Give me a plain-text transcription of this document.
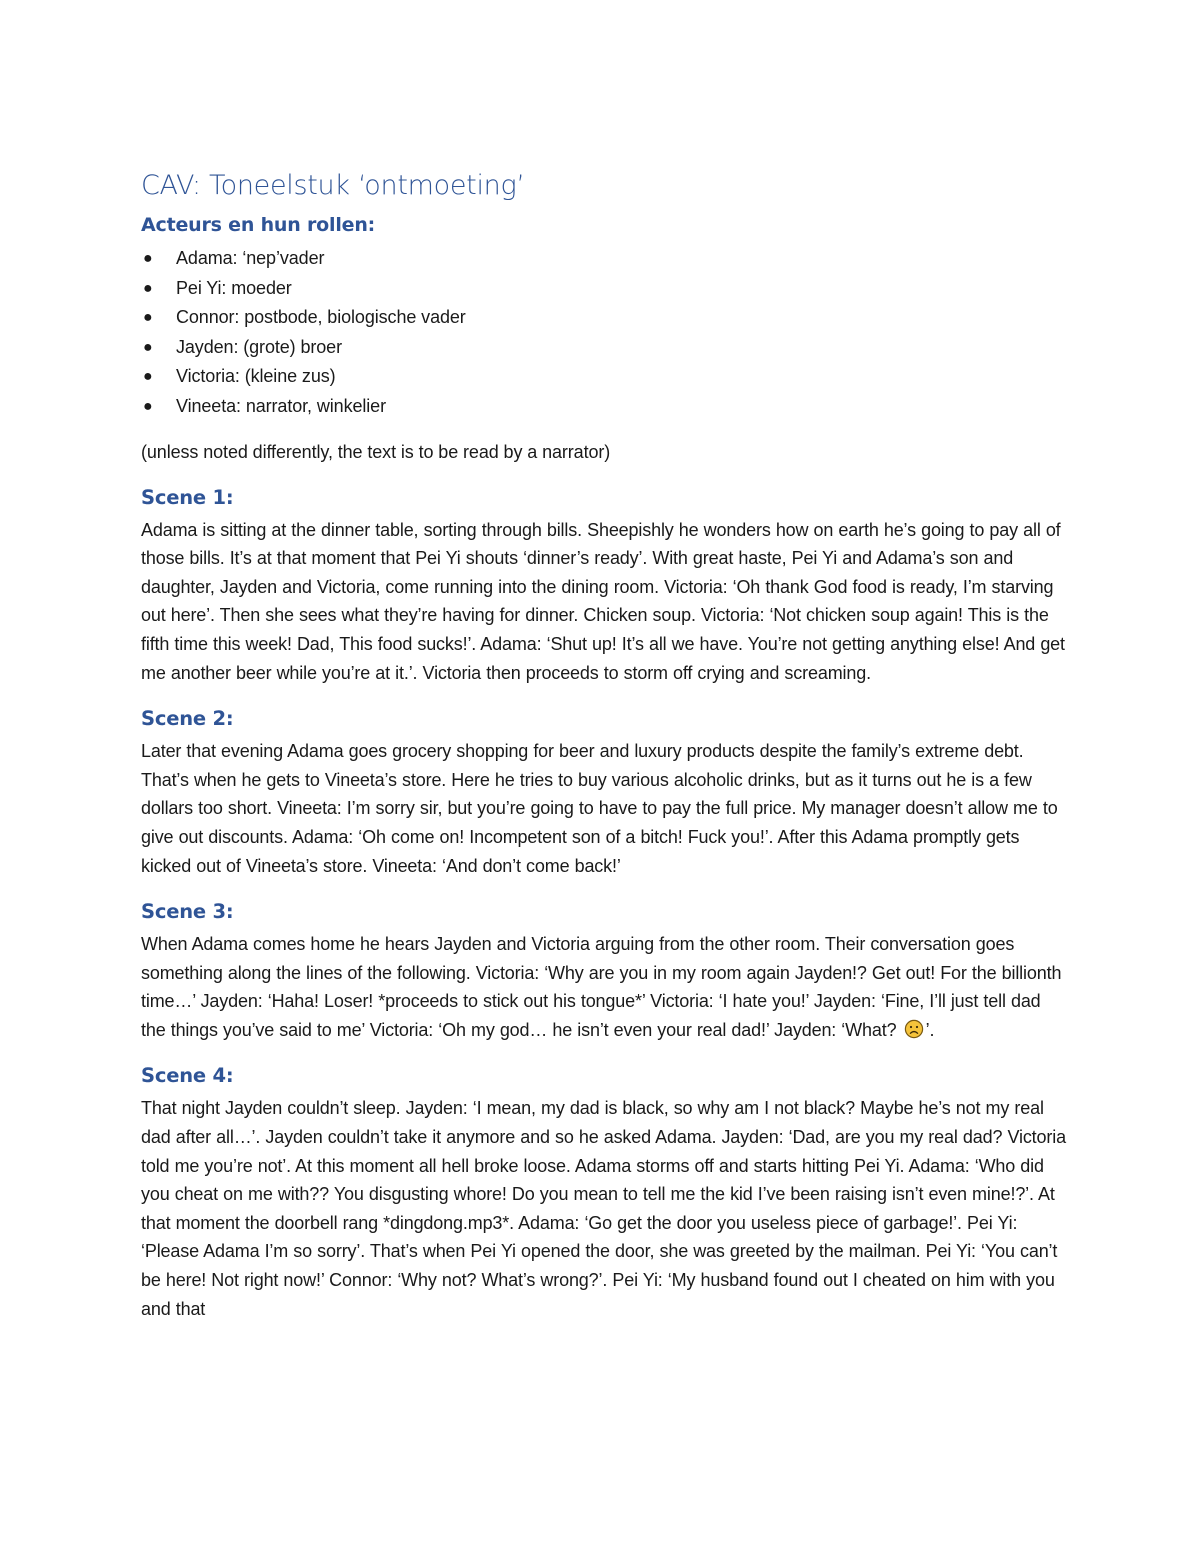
CAV: Toneelstuk ‘ontmoeting’
Acteurs en hun rollen:
● Adama: ‘nep’vader
● Pei Yi: moeder
● Connor: postbode, biologische vader
● Jayden: (grote) broer
● Victoria: (kleine zus)
● Vineeta: narrator, winkelier

(unless noted differently, the text is to be read by a narrator)

Scene 1:

Adama is sitting at the dinner table, sorting through bills. Sheepishly he wonders how on earth he’s going to pay all of those bills. It’s at that moment that Pei Yi shouts ‘dinner’s ready’. With great haste, Pei Yi and Adama’s son and daughter, Jayden and Victoria, come running into the dining room. Victoria: ‘Oh thank God food is ready, I’m starving out here’. Then she sees what they’re having for dinner. Chicken soup. Victoria: ‘Not chicken soup again! This is the fifth time this week! Dad, This food sucks!’. Adama: ‘Shut up! It’s all we have. You’re not getting anything else! And get me another beer while you’re at it.’. Victoria then proceeds to storm off crying and screaming.

Scene 2:

Later that evening Adama goes grocery shopping for beer and luxury products despite the family’s extreme debt. That’s when he gets to Vineeta’s store. Here he tries to buy various alcoholic drinks, but as it turns out he is a few dollars too short. Vineeta: I’m sorry sir, but you’re going to have to pay the full price. My manager doesn’t allow me to give out discounts. Adama: ‘Oh come on! Incompetent son of a bitch! Fuck you!’. After this Adama promptly gets kicked out of Vineeta’s store. Vineeta: ‘And don’t come back!’

Scene 3:

When Adama comes home he hears Jayden and Victoria arguing from the other room. Their conversation goes something along the lines of the following. Victoria: ‘Why are you in my room again Jayden!? Get out! For the billionth time…’ Jayden: ‘Haha! Loser! *proceeds to stick out his tongue*’ Victoria: ‘I hate you!’ Jayden: ‘Fine, I’ll just tell dad the things you’ve said to me’ Victoria: ‘Oh my god… he isn’t even your real dad!’ Jayden: ‘What? ’.

Scene 4:

That night Jayden couldn’t sleep. Jayden: ‘I mean, my dad is black, so why am I not black? Maybe he’s not my real dad after all…’. Jayden couldn’t take it anymore and so he asked Adama. Jayden: ‘Dad, are you my real dad? Victoria told me you’re not’. At this moment all hell broke loose. Adama storms off and starts hitting Pei Yi. Adama: ‘Who did you cheat on me with?? You disgusting whore! Do you mean to tell me the kid I’ve been raising isn’t even mine!?’. At that moment the doorbell rang *dingdong.mp3*. Adama: ‘Go get the door you useless piece of garbage!’. Pei Yi: ‘Please Adama I’m so sorry’. That’s when Pei Yi opened the door, she was greeted by the mailman. Pei Yi: ‘You can’t be here! Not right now!’ Connor: ‘Why not? What’s wrong?’. Pei Yi: ‘My husband found out I cheated on him with you and that
